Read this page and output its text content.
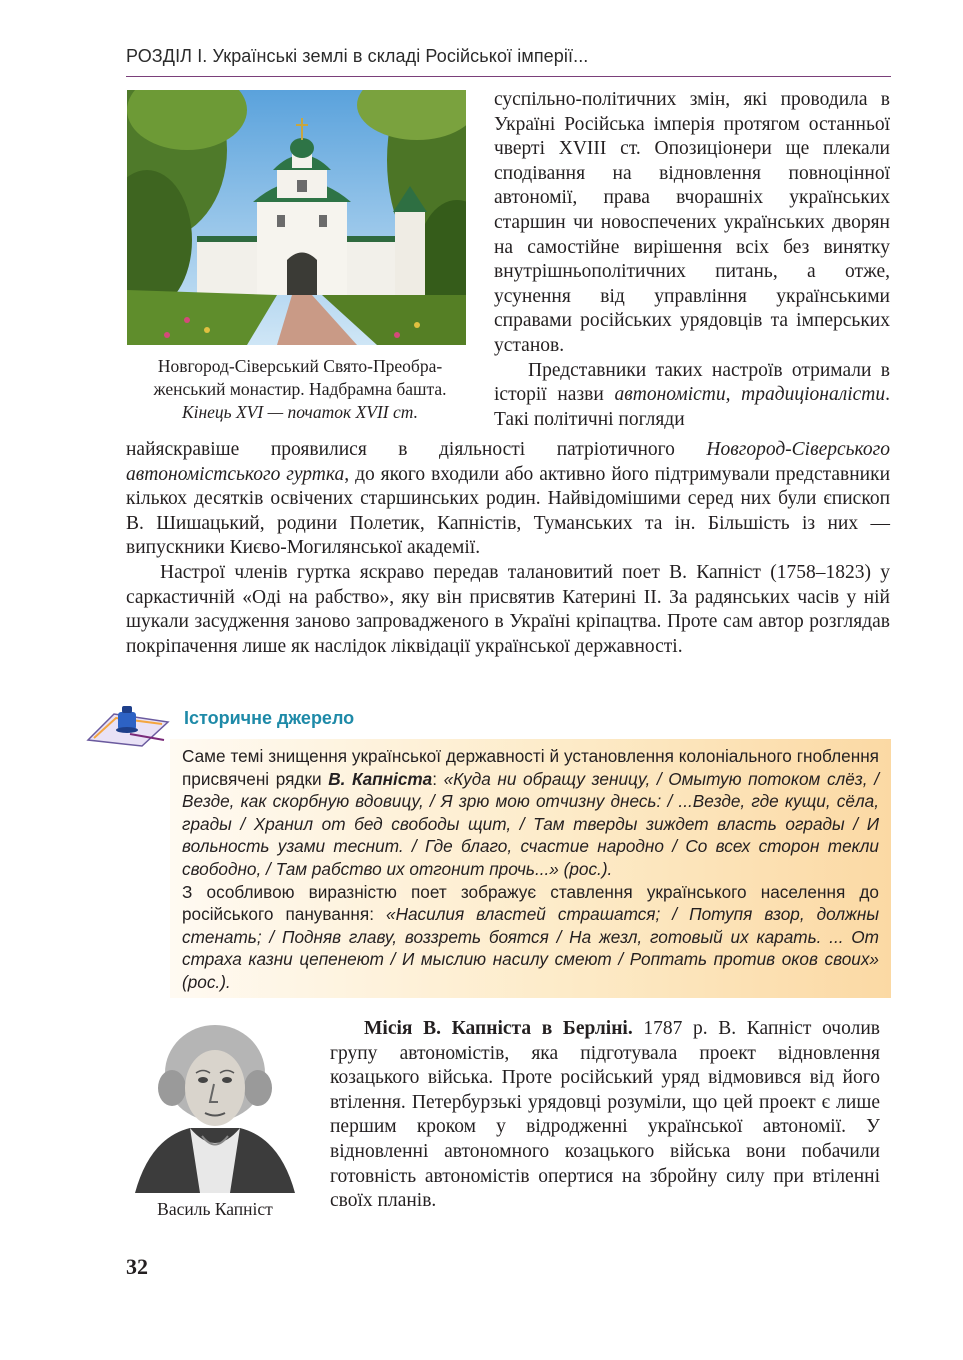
РОЗДІЛ І. Українські землі в складі Російської імперії...
Новгород-Сіверський Свято-Преобра-
женський монастир. Надбрамна башта.
Кінець XVI — початок XVII ст.

суспільно-політичних змін, які проводила в Україні Російська імперія протягом останньої чверті XVIII ст. Опозиціонери ще плекали сподівання на відновлення повноцінної автономії, права вчорашніх українських старшин чи новоспечених українських дворян на самостійне вирішення всіх без винятку внутрішньополітичних питань, а отже, усунення від управління українськими справами російських урядовців та імперських установ.

Представники таких настроїв отримали в історії назви автономісти, традиціоналісти. Такі політичні погляди

найяскравіше проявилися в діяльності патріотичного Новгород-Сіверського автономістського гуртка, до якого входили або активно його підтримували представники кількох десятків освічених старшинських родин. Найвідомішими серед них були єпископ В. Шишацький, родини Полетик, Капністів, Туманських та ін. Більшість із них — випускники Києво-Могилянської академії.

Настрої членів гуртка яскраво передав талановитий поет В. Капніст (1758–1823) у саркастичній «Оді на рабство», яку він присвятив Катерині II. За радянських часів у ній шукали засудження заново запровадженого в Україні кріпацтва. Проте сам автор розглядав покріпачення лише як наслідок ліквідації української державності.

Історичне джерело

Саме темі знищення української державності й установлення колоніального гноблення присвячені рядки В. Капніста: «Куда ни обращу зеницу, / Омытую потоком слёз, / Везде, как скорбную вдовицу, / Я зрю мою отчизну днесь: / ...Везде, где кущи, сёла, грады / Хранил от бед свободы щит, / Там тверды зиждет власть ограды / И вольность узами теснит. / Где благо, счастие народно / Со всех сторон текли свободно, / Там рабство их отгонит прочь...» (рос.).

З особливою виразністю поет зображує ставлення українського населення до російського панування: «Насилия властей страшатся; / Потупя взор, должны стенать; / Подняв главу, воззреть боятся / На жезл, готовый их карать. ... От страха казни цепенеют / И мыслию насилу смеют / Роптать против оков своих» (рос.).

Василь Капніст

Місія В. Капніста в Берліні. 1787 р. В. Капніст очолив групу автономістів, яка підготувала проект відновлення козацького війська. Проте російський уряд відмовився від його втілення. Петербурзькі урядовці розуміли, що цей проект є лише першим кроком у відродженні української автономії. У відновленні автономного козацького війська вони побачили готовність автономістів опертися на збройну силу при втіленні своїх планів.

32
